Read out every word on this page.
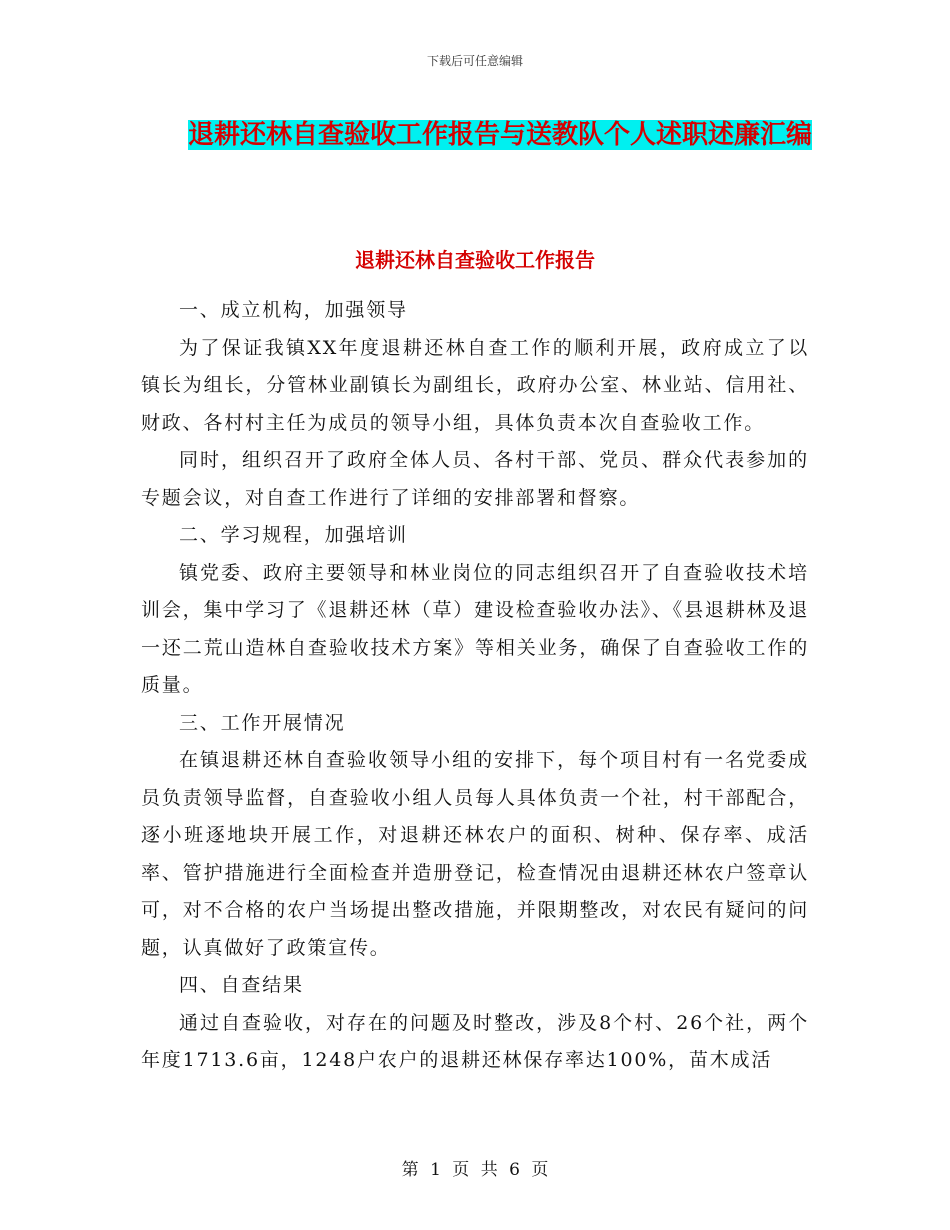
下载后可任意编辑
退耕还林自查验收工作报告与送教队个人述职述廉汇编
退耕还林自查验收工作报告

一、成立机构，加强领导

为了保证我镇XX年度退耕还林自查工作的顺利开展，政府成立了以镇长为组长，分管林业副镇长为副组长，政府办公室、林业站、信用社、财政、各村村主任为成员的领导小组，具体负责本次自查验收工作。

同时，组织召开了政府全体人员、各村干部、党员、群众代表参加的专题会议，对自查工作进行了详细的安排部署和督察。

二、学习规程，加强培训

镇党委、政府主要领导和林业岗位的同志组织召开了自查验收技术培训会，集中学习了《退耕还林（草）建设检查验收办法》、《县退耕林及退一还二荒山造林自查验收技术方案》等相关业务，确保了自查验收工作的质量。

三、工作开展情况

在镇退耕还林自查验收领导小组的安排下，每个项目村有一名党委成员负责领导监督，自查验收小组人员每人具体负责一个社，村干部配合，逐小班逐地块开展工作，对退耕还林农户的面积、树种、保存率、成活率、管护措施进行全面检查并造册登记，检查情况由退耕还林农户签章认可，对不合格的农户当场提出整改措施，并限期整改，对农民有疑问的问题，认真做好了政策宣传。

四、自查结果

通过自查验收，对存在的问题及时整改，涉及8个村、26个社，两个年度1713.6亩，1248户农户的退耕还林保存率达100%，苗木成活

第 1 页 共 6 页
